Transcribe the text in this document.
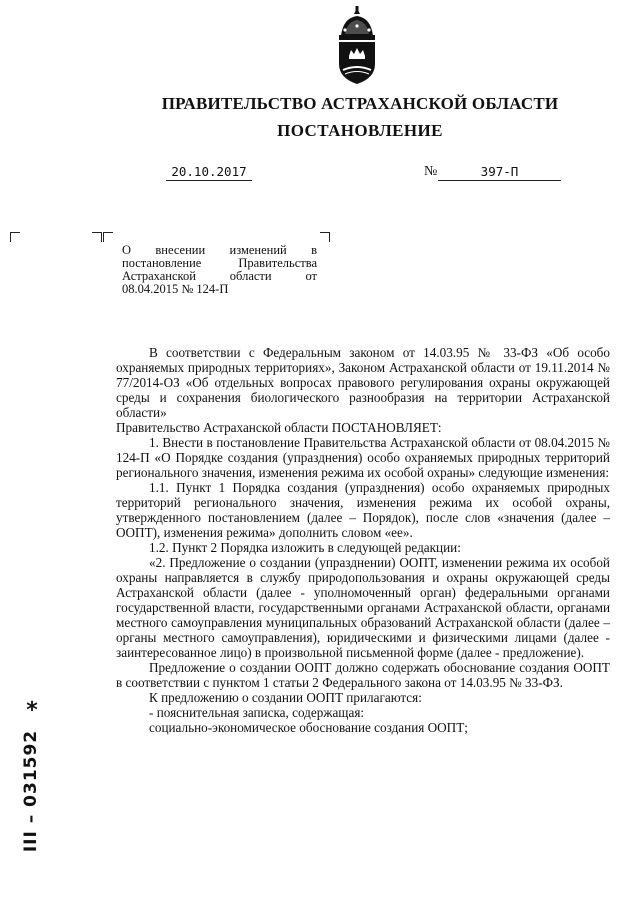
ПРАВИТЕЛЬСТВО АСТРАХАНСКОЙ ОБЛАСТИ
ПОСТАНОВЛЕНИЕ
20.10.2017	№	397-П
О внесении изменений в
постановление Правительства
Астраханской области от
08.04.2015 № 124-П

В соответствии с Федеральным законом от 14.03.95 № 33-ФЗ «Об особо охраняемых природных территориях», Законом Астраханской области от 19.11.2014 № 77/2014-ОЗ «Об отдельных вопросах правового регулирования охраны окружающей среды и сохранения биологического разнообразия на территории Астраханской области»

Правительство Астраханской области ПОСТАНОВЛЯЕТ:

1. Внести в постановление Правительства Астраханской области от 08.04.2015 № 124-П «О Порядке создания (упразднения) особо охраняемых природных территорий регионального значения, изменения режима их особой охраны» следующие изменения:

1.1. Пункт 1 Порядка создания (упразднения) особо охраняемых природных территорий регионального значения, изменения режима их особой охраны, утвержденного постановлением (далее – Порядок), после слов «значения (далее – ООПТ), изменения режима» дополнить словом «ее».

1.2. Пункт 2 Порядка изложить в следующей редакции:

«2. Предложение о создании (упразднении) ООПТ, изменении режима их особой охраны направляется в службу природопользования и охраны окружающей среды Астраханской области (далее - уполномоченный орган) федеральными органами государственной власти, государственными органами Астраханской области, органами местного самоуправления муниципальных образований Астраханской области (далее – органы местного самоуправления), юридическими и физическими лицами (далее - заинтересованное лицо) в произвольной письменной форме (далее - предложение).

Предложение о создании ООПТ должно содержать обоснование создания ООПТ в соответствии с пунктом 1 статьи 2 Федерального закона от 14.03.95 № 33-ФЗ.

К предложению о создании ООПТ прилагаются:

- пояснительная записка, содержащая:

социально-экономическое обоснование создания ООПТ;

*
III – 031592
